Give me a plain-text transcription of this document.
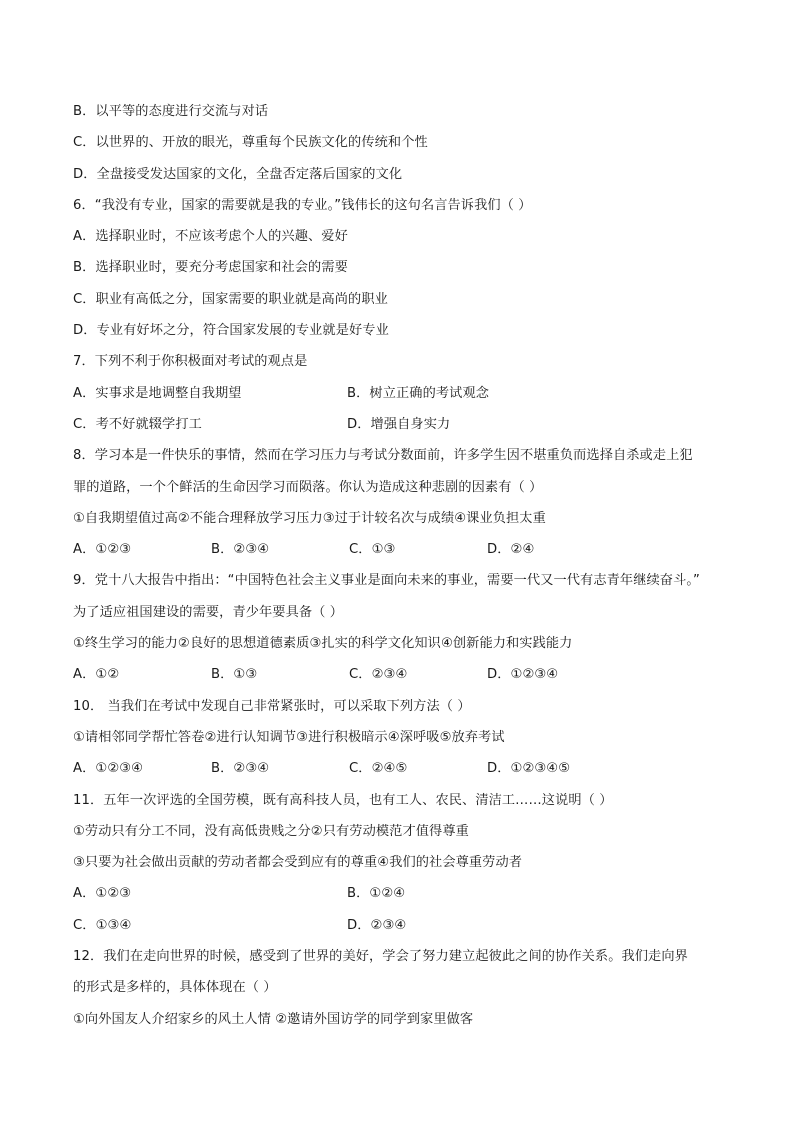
B．以平等的态度进行交流与对话
C．以世界的、开放的眼光，尊重每个民族文化的传统和个性
D．全盘接受发达国家的文化，全盘否定落后国家的文化
6．“我没有专业，国家的需要就是我的专业。”钱伟长的这句名言告诉我们（ ）
A．选择职业时，不应该考虑个人的兴趣、爱好
B．选择职业时，要充分考虑国家和社会的需要
C．职业有高低之分，国家需要的职业就是高尚的职业
D．专业有好坏之分，符合国家发展的专业就是好专业
7．下列不利于你积极面对考试的观点是
A．实事求是地调整自我期望	B．树立正确的考试观念
C．考不好就辍学打工	D．增强自身实力
8．学习本是一件快乐的事情，然而在学习压力与考试分数面前，许多学生因不堪重负而选择自杀或走上犯
罪的道路，一个个鲜活的生命因学习而陨落。你认为造成这种悲剧的因素有（ ）
①自我期望值过高②不能合理释放学习压力③过于计较名次与成绩④课业负担太重
A．①②③	B．②③④	C．①③	D．②④
9．党十八大报告中指出：“中国特色社会主义事业是面向未来的事业，需要一代又一代有志青年继续奋斗。”
为了适应祖国建设的需要，青少年要具备（ ）
①终生学习的能力②良好的思想道德素质③扎实的科学文化知识④创新能力和实践能力
A．①②	B．①③	C．②③④	D．①②③④
10． 当我们在考试中发现自己非常紧张时，可以采取下列方法（ ）
①请相邻同学帮忙答卷②进行认知调节③进行积极暗示④深呼吸⑤放弃考试
A．①②③④	B．②③④	C．②④⑤	D．①②③④⑤
11．五年一次评选的全国劳模，既有高科技人员，也有工人、农民、清洁工……这说明（ ）
①劳动只有分工不同，没有高低贵贱之分②只有劳动模范才值得尊重
③只要为社会做出贡献的劳动者都会受到应有的尊重④我们的社会尊重劳动者
A．①②③	B．①②④
C．①③④	D．②③④
12．我们在走向世界的时候，感受到了世界的美好，学会了努力建立起彼此之间的协作关系。我们走向界
的形式是多样的，具体体现在（ ）
①向外国友人介绍家乡的风土人情 ②邀请外国访学的同学到家里做客
